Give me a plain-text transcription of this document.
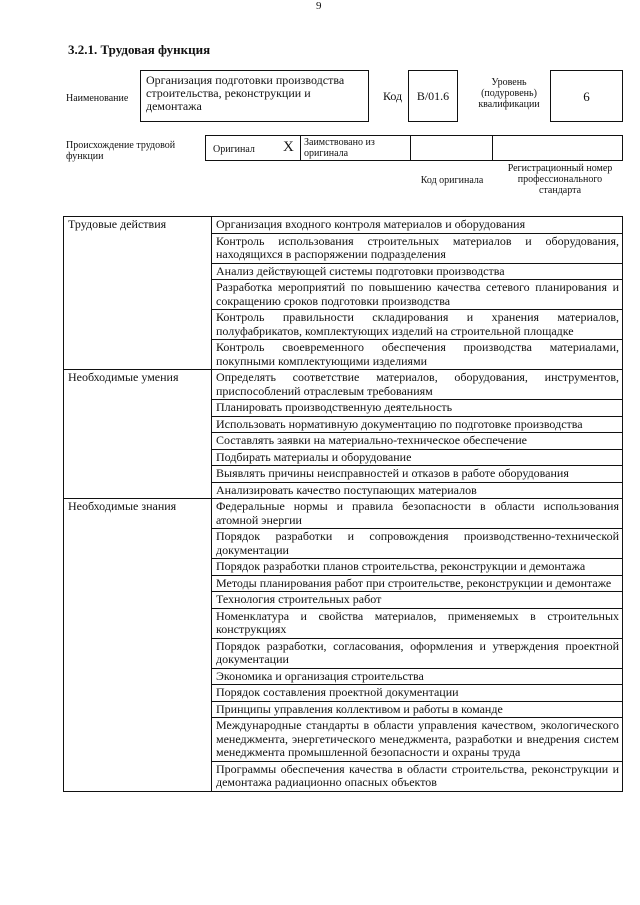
9
3.2.1. Трудовая функция
Наименование
Организация подготовки производства строительства, реконструкции и демонтажа
Код	B/01.6
Уровень (подуровень) квалификации
6
Происхождение трудовой функции
Оригинал X Заимствовано из оригинала
Код оригинала
Регистрационный номер профессионального стандарта
Трудовые действия	Организация входного контроля материалов и оборудования
	Контроль использования строительных материалов и оборудования, находящихся в распоряжении подразделения
	Анализ действующей системы подготовки производства
	Разработка мероприятий по повышению качества сетевого планирования и сокращению сроков подготовки производства
	Контроль правильности складирования и хранения материалов, полуфабрикатов, комплектующих изделий на строительной площадке
	Контроль своевременного обеспечения производства материалами, покупными комплектующими изделиями
Необходимые умения	Определять соответствие материалов, оборудования, инструментов, приспособлений отраслевым требованиям
	Планировать производственную деятельность
	Использовать нормативную документацию по подготовке производства
	Составлять заявки на материально-техническое обеспечение
	Подбирать материалы и оборудование
	Выявлять причины неисправностей и отказов в работе оборудования
	Анализировать качество поступающих материалов
Необходимые знания	Федеральные нормы и правила безопасности в области использования атомной энергии
	Порядок разработки и сопровождения производственно-технической документации
	Порядок разработки планов строительства, реконструкции и демонтажа
	Методы планирования работ при строительстве, реконструкции и демонтаже
	Технология строительных работ
	Номенклатура и свойства материалов, применяемых в строительных конструкциях
	Порядок разработки, согласования, оформления и утверждения проектной документации
	Экономика и организация строительства
	Порядок составления проектной документации
	Принципы управления коллективом и работы в команде
	Международные стандарты в области управления качеством, экологического менеджмента, энергетического менеджмента, разработки и внедрения систем менеджмента промышленной безопасности и охраны труда
	Программы обеспечения качества в области строительства, реконструкции и демонтажа радиационно опасных объектов
